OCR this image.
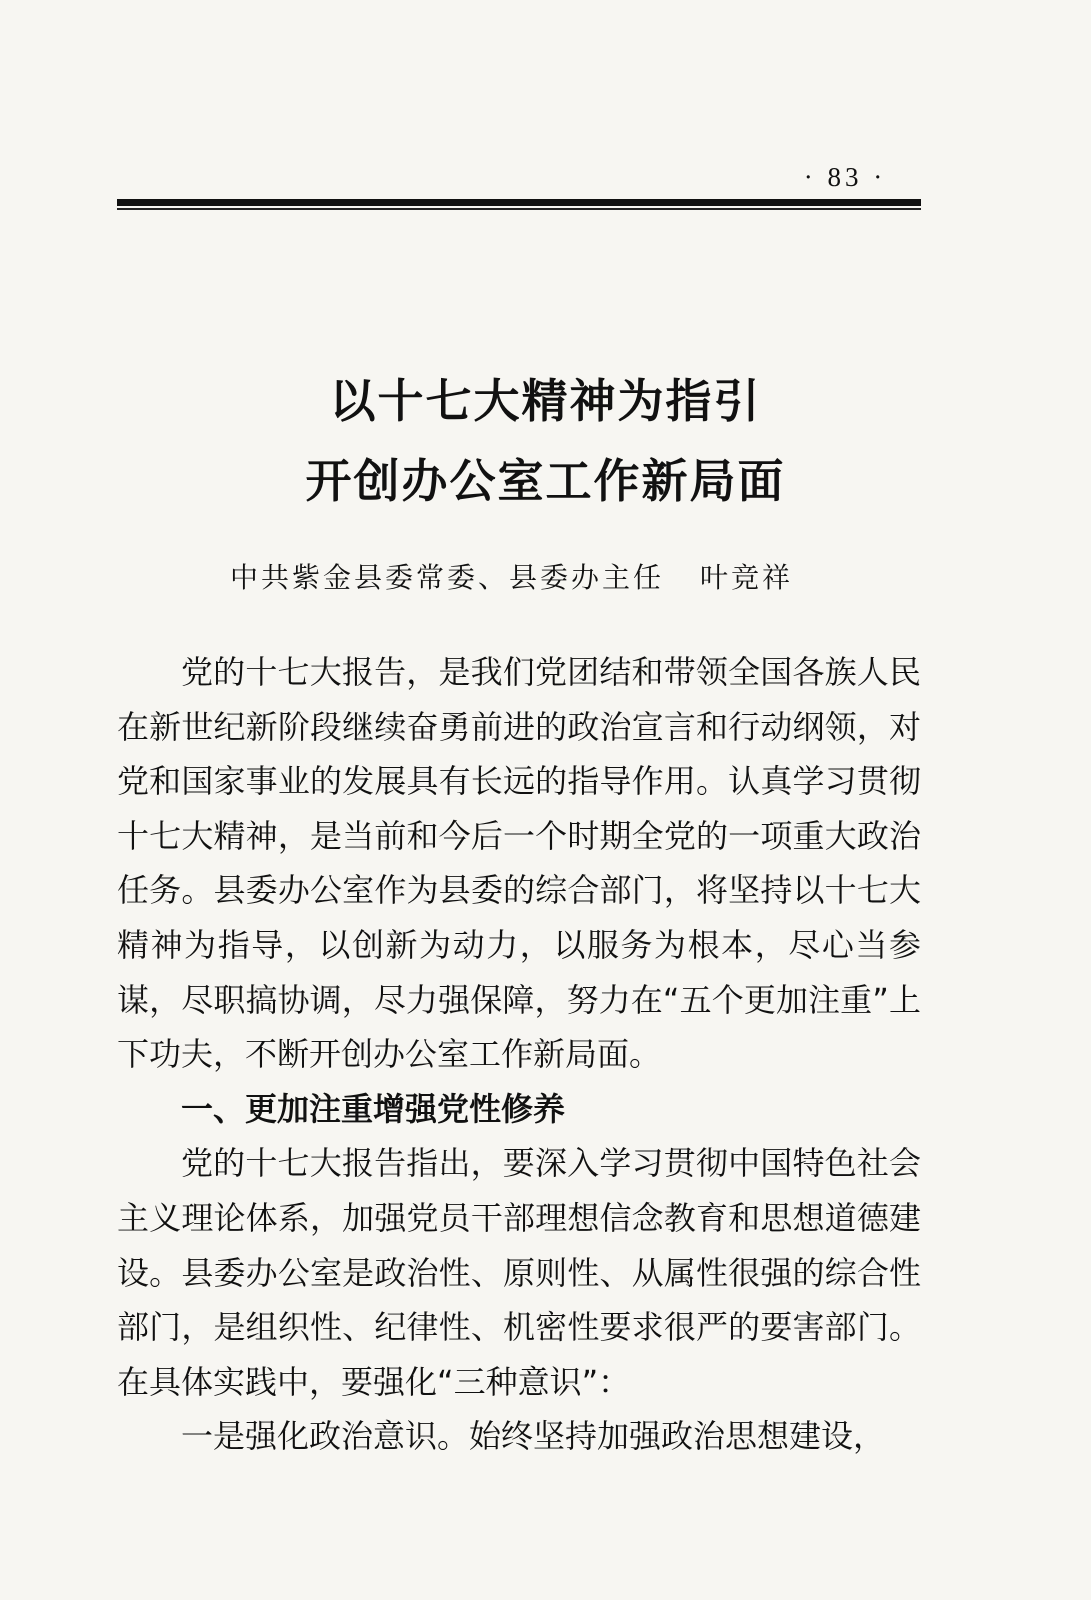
· 83 ·
以十七大精神为指引
开创办公室工作新局面
中共紫金县委常委、县委办主任 叶竞祥

党的十七大报告，是我们党团结和带领全国各族人民在新世纪新阶段继续奋勇前进的政治宣言和行动纲领，对党和国家事业的发展具有长远的指导作用。认真学习贯彻十七大精神，是当前和今后一个时期全党的一项重大政治任务。县委办公室作为县委的综合部门，将坚持以十七大精神为指导，以创新为动力，以服务为根本，尽心当参谋，尽职搞协调，尽力强保障，努力在“五个更加注重”上下功夫，不断开创办公室工作新局面。

一、更加注重增强党性修养

党的十七大报告指出，要深入学习贯彻中国特色社会主义理论体系，加强党员干部理想信念教育和思想道德建设。县委办公室是政治性、原则性、从属性很强的综合性部门，是组织性、纪律性、机密性要求很严的要害部门。在具体实践中，要强化“三种意识”：

一是强化政治意识。始终坚持加强政治思想建设，
